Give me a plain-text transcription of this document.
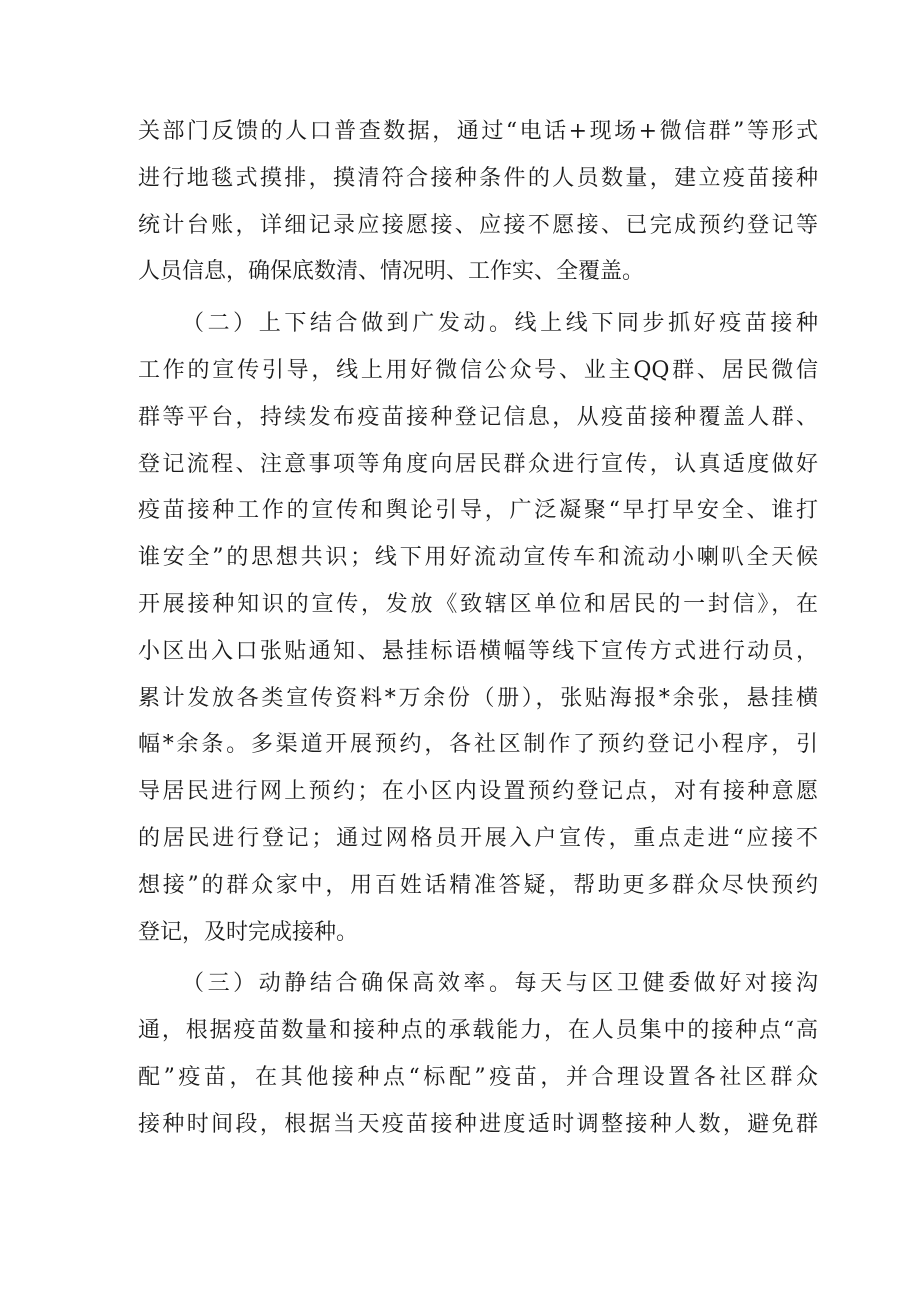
关部门反馈的人口普查数据，通过“电话+现场+微信群”等形式
进行地毯式摸排，摸清符合接种条件的人员数量，建立疫苗接种
统计台账，详细记录应接愿接、应接不愿接、已完成预约登记等
人员信息，确保底数清、情况明、工作实、全覆盖。
（二）上下结合做到广发动。线上线下同步抓好疫苗接种
工作的宣传引导，线上用好微信公众号、业主QQ群、居民微信
群等平台，持续发布疫苗接种登记信息，从疫苗接种覆盖人群、
登记流程、注意事项等角度向居民群众进行宣传，认真适度做好
疫苗接种工作的宣传和舆论引导，广泛凝聚“早打早安全、谁打
谁安全”的思想共识；线下用好流动宣传车和流动小喇叭全天候
开展接种知识的宣传，发放《致辖区单位和居民的一封信》，在
小区出入口张贴通知、悬挂标语横幅等线下宣传方式进行动员，
累计发放各类宣传资料*万余份（册），张贴海报*余张，悬挂横
幅*余条。多渠道开展预约，各社区制作了预约登记小程序，引
导居民进行网上预约；在小区内设置预约登记点，对有接种意愿
的居民进行登记；通过网格员开展入户宣传，重点走进“应接不
想接”的群众家中，用百姓话精准答疑，帮助更多群众尽快预约
登记，及时完成接种。
（三）动静结合确保高效率。每天与区卫健委做好对接沟
通，根据疫苗数量和接种点的承载能力，在人员集中的接种点“高
配”疫苗，在其他接种点“标配”疫苗，并合理设置各社区群众
接种时间段，根据当天疫苗接种进度适时调整接种人数，避免群
